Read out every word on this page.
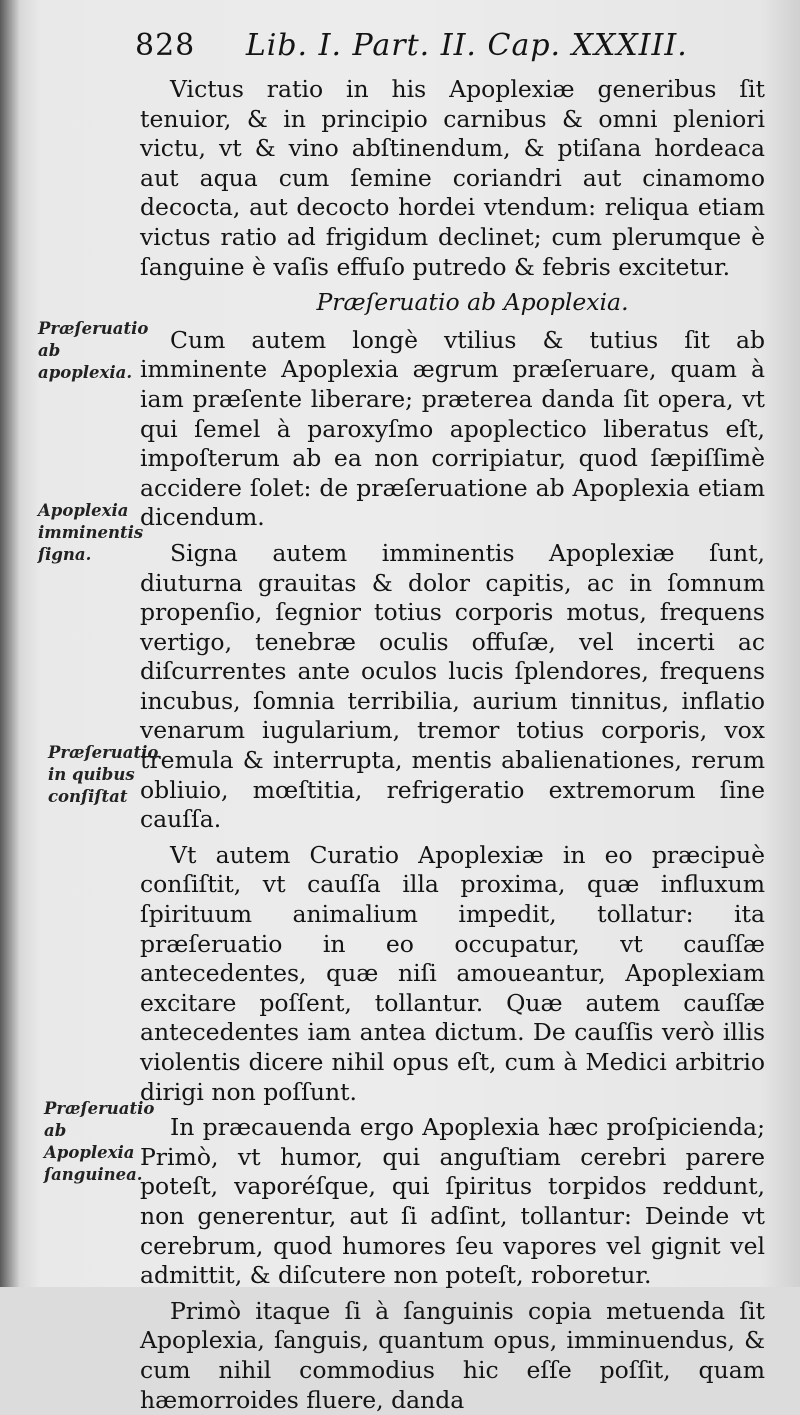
828 Lib. I. Part. II. Cap. XXXIII.
Præſeruatio ab apoplexia.
Apoplexia imminentis ſigna.
Præſeruatio in quibus conſiſtat
Præſeruatio ab Apoplexia ſanguinea.

Victus ratio in his Apoplexiæ generibus ſit tenuior, & in principio carnibus & omni pleniori victu, vt & vino abſtinendum, & ptiſana hordeaca aut aqua cum ſemine coriandri aut cinamomo decocta, aut decocto hordei vtendum: reliqua etiam victus ratio ad frigidum declinet; cum plerumque è ſanguine è vaſis effuſo putredo & febris excitetur.

Præſeruatio ab Apoplexia.

Cum autem longè vtilius & tutius ſit ab imminente Apoplexia ægrum præſeruare, quam à iam præſente liberare; præterea danda ſit opera, vt qui ſemel à paroxyſmo apoplectico liberatus eſt, impoſterum ab ea non corripiatur, quod ſæpiſſimè accidere ſolet: de præſeruatione ab Apoplexia etiam dicendum.

Signa autem imminentis Apoplexiæ ſunt, diuturna grauitas & dolor capitis, ac in ſomnum propenſio, ſegnior totius corporis motus, frequens vertigo, tenebræ oculis offuſæ, vel incerti ac diſcurrentes ante oculos lucis ſplendores, frequens incubus, ſomnia terribilia, aurium tinnitus, inflatio venarum iugularium, tremor totius corporis, vox tremula & interrupta, mentis abalienationes, rerum obliuio, mœſtitia, refrigeratio extremorum ſine cauſſa.

Vt autem Curatio Apoplexiæ in eo præcipuè conſiſtit, vt cauſſa illa proxima, quæ influxum ſpirituum animalium impedit, tollatur: ita præſeruatio in eo occupatur, vt cauſſæ antecedentes, quæ niſi amoueantur, Apoplexiam excitare poſſent, tollantur. Quæ autem cauſſæ antecedentes iam antea dictum. De cauſſis verò illis violentis dicere nihil opus eſt, cum à Medici arbitrio dirigi non poſſunt.

In præcauenda ergo Apoplexia hæc proſpicienda; Primò, vt humor, qui anguſtiam cerebri parere poteſt, vaporéſque, qui ſpiritus torpidos reddunt, non generentur, aut ſi adſint, tollantur: Deinde vt cerebrum, quod humores ſeu vapores vel gignit vel admittit, & diſcutere non poteſt, roboretur.

Primò itaque ſi à ſanguinis copia metuenda ſit Apoplexia, ſanguis, quantum opus, imminuendus, & cum nihil commodius hic eſſe poſſit, quam hæmorroides fluere, danda
